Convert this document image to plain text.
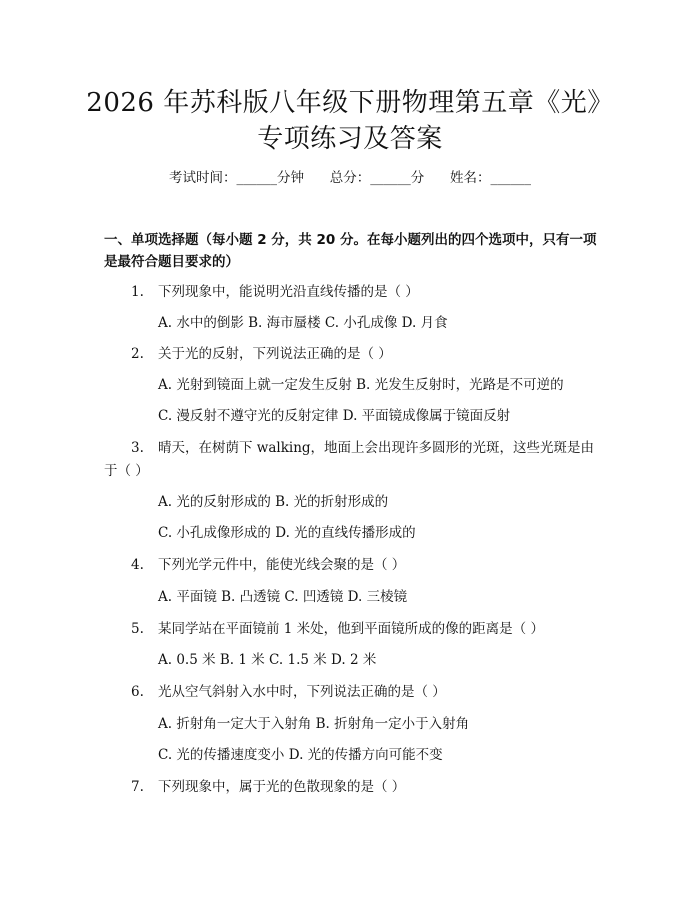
2026 年苏科版八年级下册物理第五章《光》
专项练习及答案
考试时间：______分钟      总分：______分      姓名：______
一、单项选择题（每小题 2 分，共 20 分。在每小题列出的四个选项中，只有一项
是最符合题目要求的）
1. 下列现象中，能说明光沿直线传播的是（ ）
A. 水中的倒影 B. 海市蜃楼 C. 小孔成像 D. 月食
2. 关于光的反射，下列说法正确的是（ ）
A. 光射到镜面上就一定发生反射 B. 光发生反射时，光路是不可逆的
C. 漫反射不遵守光的反射定律 D. 平面镜成像属于镜面反射
3. 晴天，在树荫下 walking，地面上会出现许多圆形的光斑，这些光斑是由
于（ ）
A. 光的反射形成的 B. 光的折射形成的
C. 小孔成像形成的 D. 光的直线传播形成的
4. 下列光学元件中，能使光线会聚的是（ ）
A. 平面镜 B. 凸透镜 C. 凹透镜 D. 三棱镜
5. 某同学站在平面镜前 1 米处，他到平面镜所成的像的距离是（ ）
A. 0.5 米 B. 1 米 C. 1.5 米 D. 2 米
6. 光从空气斜射入水中时，下列说法正确的是（ ）
A. 折射角一定大于入射角 B. 折射角一定小于入射角
C. 光的传播速度变小 D. 光的传播方向可能不变
7. 下列现象中，属于光的色散现象的是（ ）
